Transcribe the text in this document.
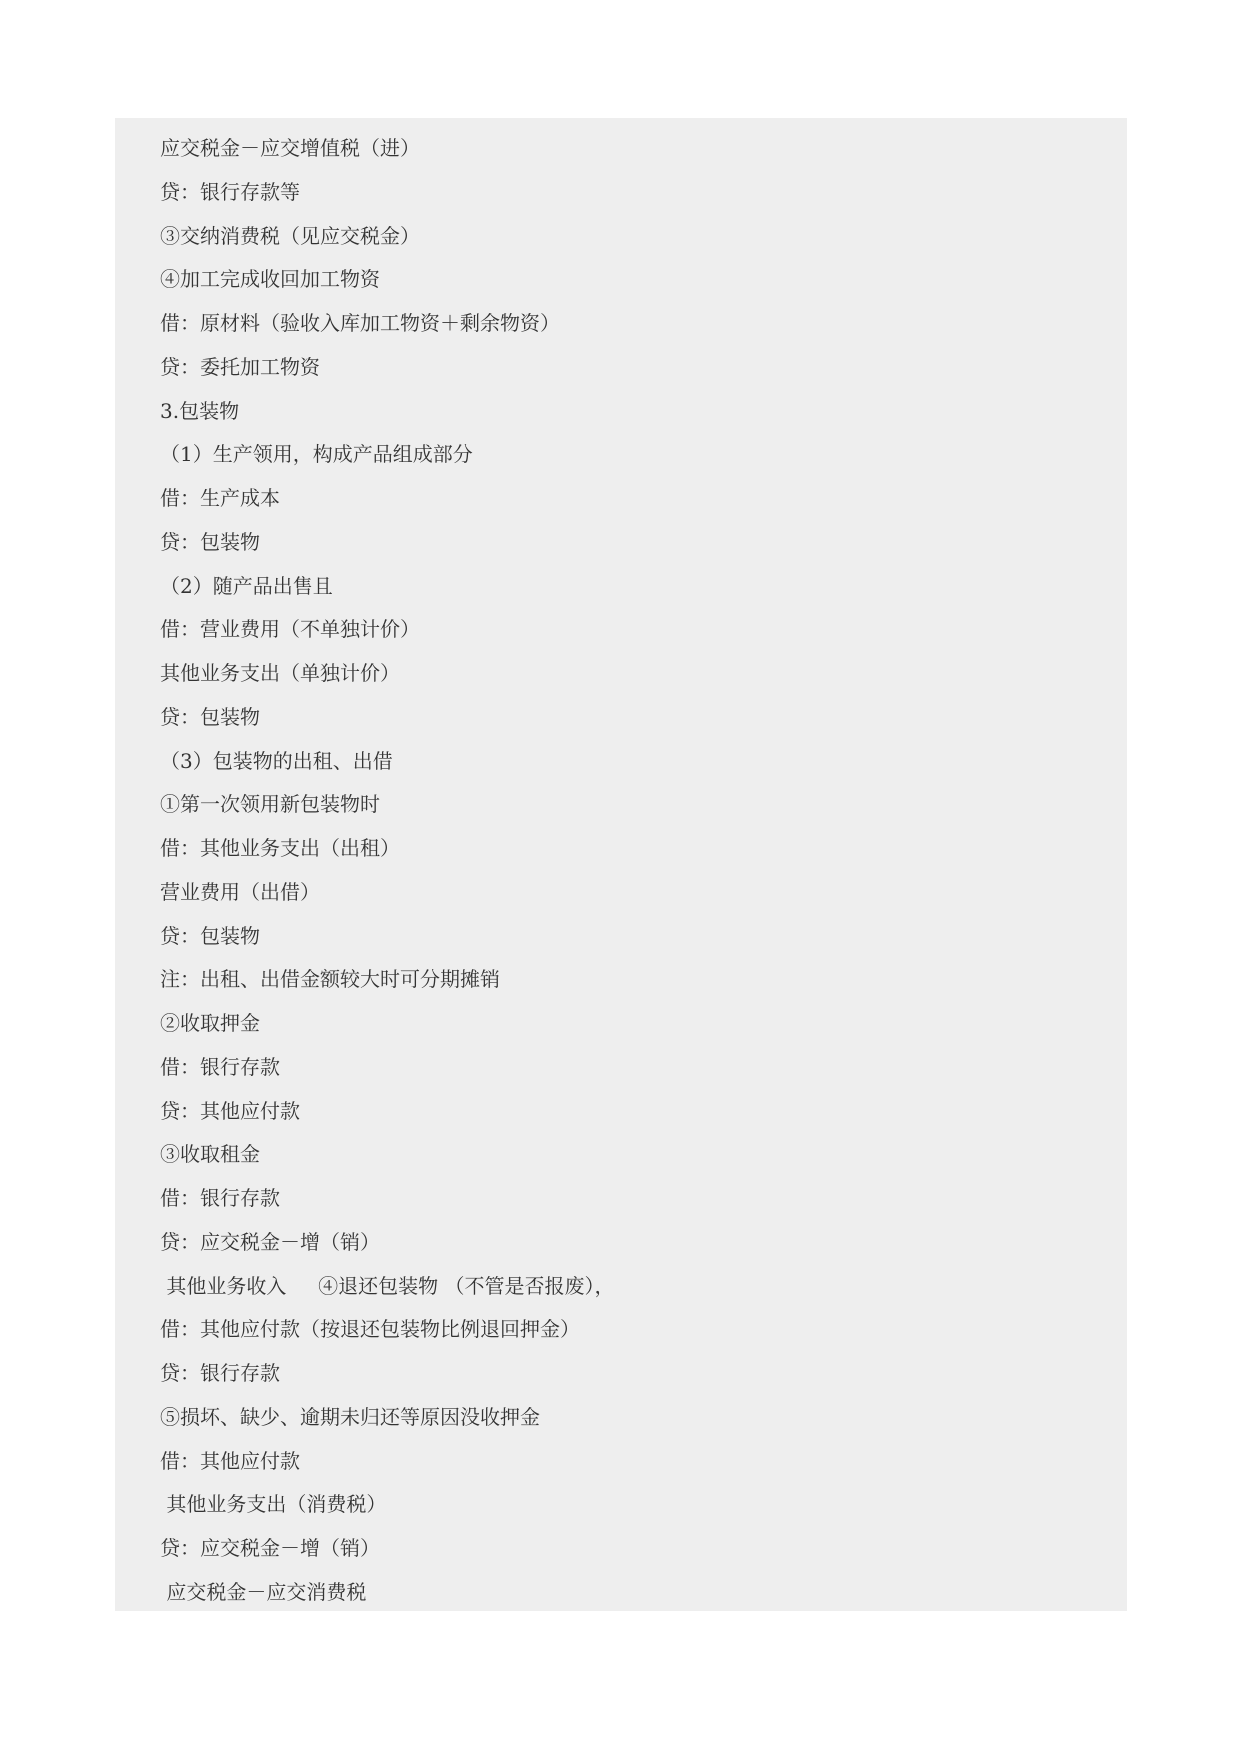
应交税金－应交增值税（进）
贷：银行存款等
③交纳消费税（见应交税金）
④加工完成收回加工物资
借：原材料（验收入库加工物资＋剩余物资）
贷：委托加工物资
3.包装物
（1）生产领用，构成产品组成部分
借：生产成本
贷：包装物
（2）随产品出售且
借：营业费用（不单独计价）
其他业务支出（单独计价）
贷：包装物
（3）包装物的出租、出借
①第一次领用新包装物时
借：其他业务支出（出租）
营业费用（出借）
贷：包装物
注：出租、出借金额较大时可分期摊销
②收取押金
借：银行存款
贷：其他应付款
③收取租金
借：银行存款
贷：应交税金－增（销）
其他业务收入     ④退还包装物 （不管是否报废），
借：其他应付款（按退还包装物比例退回押金）
贷：银行存款
⑤损坏、缺少、逾期未归还等原因没收押金
借：其他应付款
其他业务支出（消费税）
贷：应交税金－增（销）
应交税金－应交消费税
